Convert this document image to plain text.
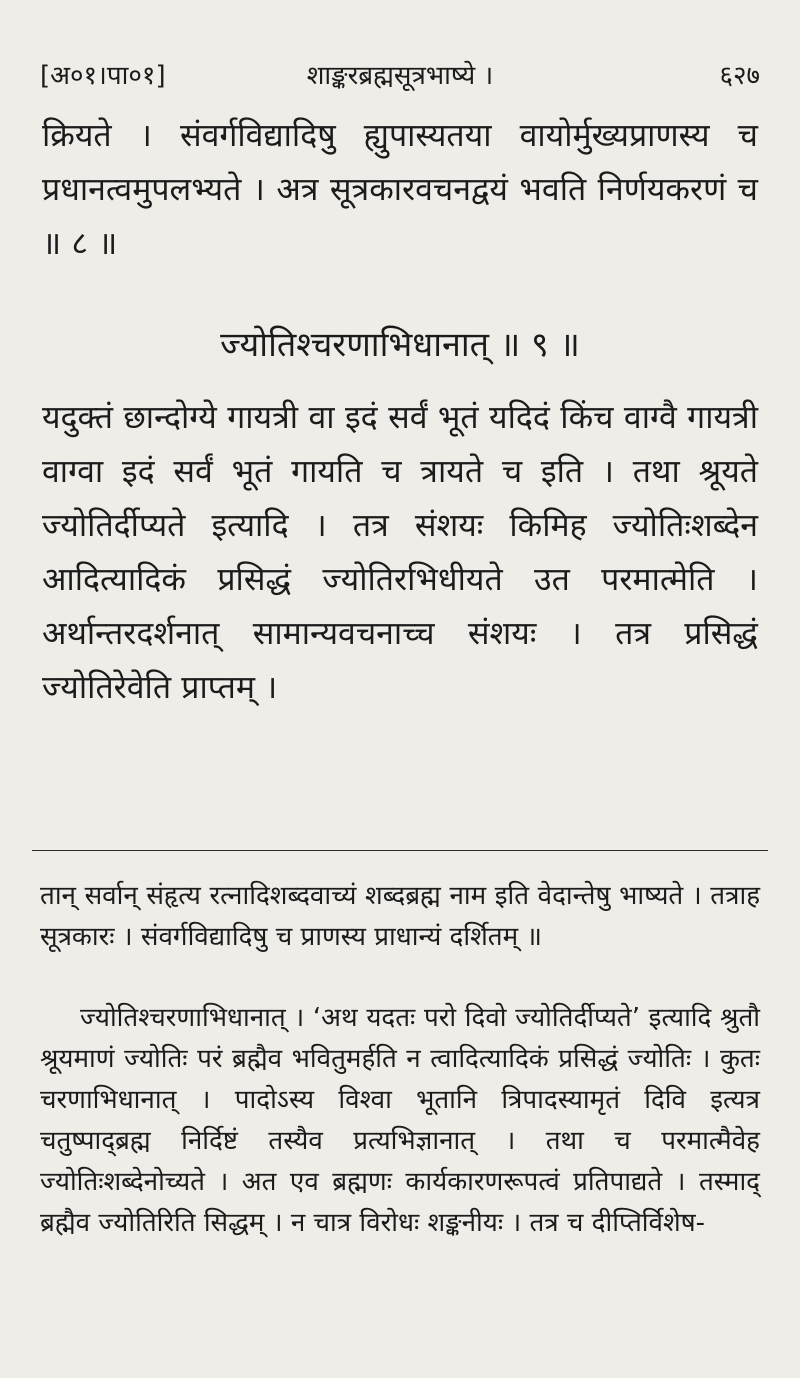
[अ०१।पा०१]	शाङ्करब्रह्मसूत्रभाष्ये ।	६२७
क्रियते । संवर्गविद्यादिषु ह्युपास्यतया वायोर्मुख्यप्राणस्य च प्रधानत्वमुपलभ्यते । अत्र सूत्रकारवचनद्वयं भवति निर्णयकरणं च ॥ ८ ॥
ज्योतिश्चरणाभिधानात् ॥ ९ ॥
यदुक्तं छान्दोग्ये गायत्री वा इदं सर्वं भूतं यदिदं किंच वाग्वै गायत्री वाग्वा इदं सर्वं भूतं गायति च त्रायते च इति । तथा श्रूयते ज्योतिर्दीप्यते इत्यादि । तत्र संशयः किमिह ज्योतिःशब्देन आदित्यादिकं प्रसिद्धं ज्योतिरभिधीयते उत परमात्मेति । अर्थान्तरदर्शनात् सामान्यवचनाच्च संशयः । तत्र प्रसिद्धं ज्योतिरेवेति प्राप्तम् ।
तान् सर्वान् संहृत्य रत्नादिशब्दवाच्यं शब्दब्रह्म नाम इति वेदान्तेषु भाष्यते । तत्राह सूत्रकारः । संवर्गविद्यादिषु च प्राणस्य प्राधान्यं दर्शितम् ॥
ज्योतिश्चरणाभिधानात् । ‘अथ यदतः परो दिवो ज्योतिर्दीप्यते’ इत्यादि श्रुतौ श्रूयमाणं ज्योतिः परं ब्रह्मैव भवितुमर्हति न त्वादित्यादिकं प्रसिद्धं ज्योतिः । कुतः चरणाभिधानात् । पादोऽस्य विश्वा भूतानि त्रिपादस्यामृतं दिवि इत्यत्र चतुष्पाद्ब्रह्म निर्दिष्टं तस्यैव प्रत्यभिज्ञानात् । तथा च परमात्मैवेह ज्योतिःशब्देनोच्यते । अत एव ब्रह्मणः कार्यकारणरूपत्वं प्रतिपाद्यते । तस्माद् ब्रह्मैव ज्योतिरिति सिद्धम् । न चात्र विरोधः शङ्कनीयः । तत्र च दीप्तिर्विशेष-
